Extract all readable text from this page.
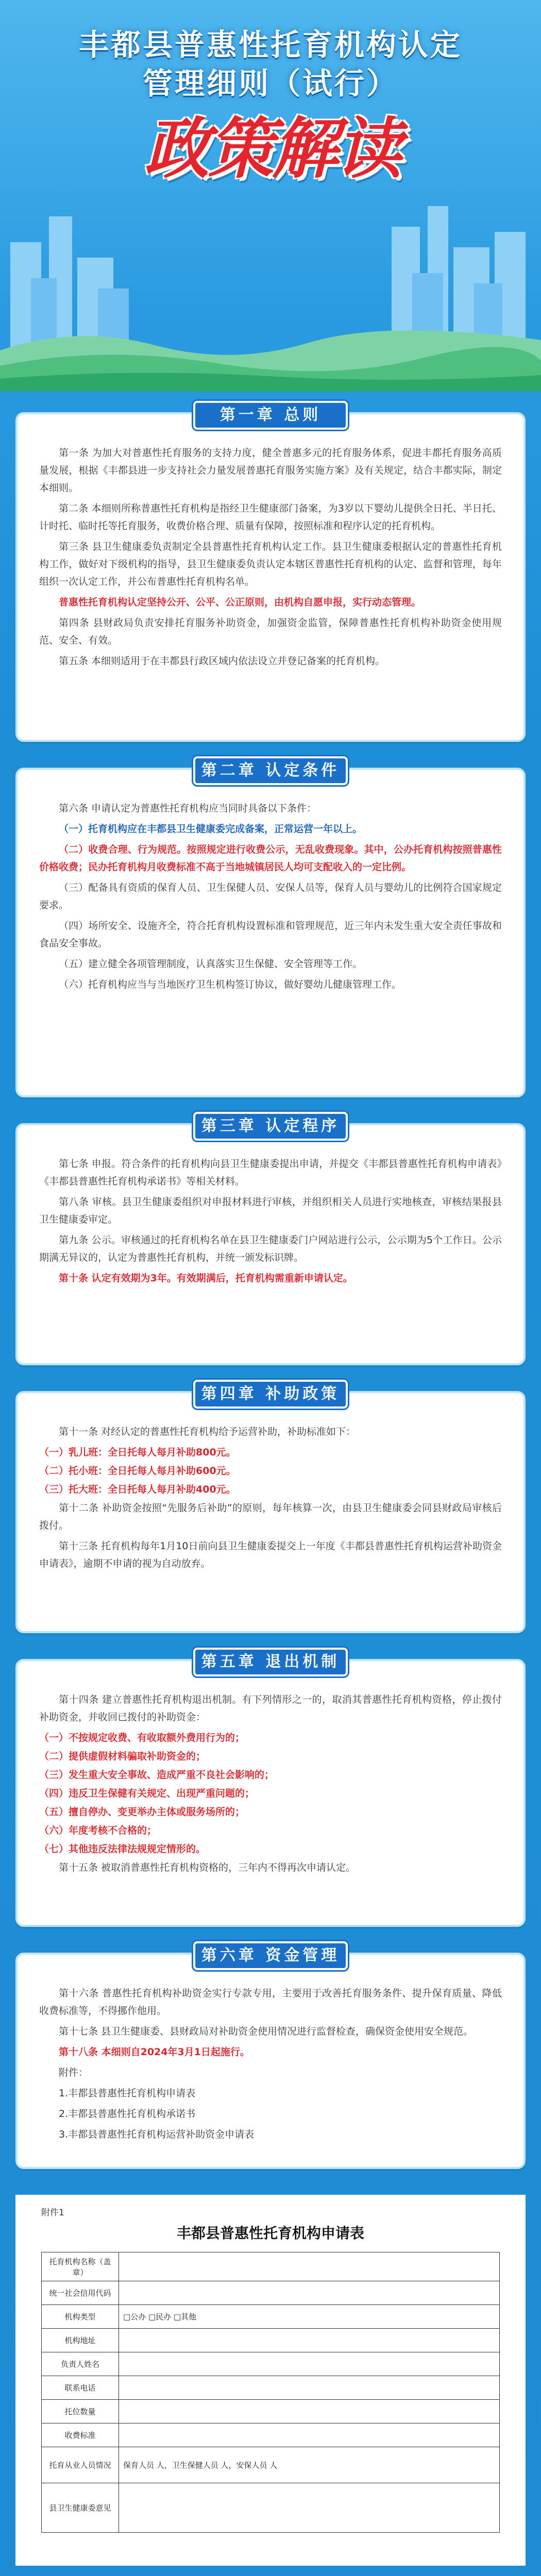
丰都县普惠性托育机构认定
管理细则（试行）
政
策
解
读
第一章 总则

第一条 为加大对普惠性托育服务的支持力度，健全普惠多元的托育服务体系，促进丰都托育服务高质量发展，根据《丰都县进一步支持社会力量发展普惠托育服务实施方案》及有关规定，结合丰都实际，制定本细则。

第二条 本细则所称普惠性托育机构是指经卫生健康部门备案，为3岁以下婴幼儿提供全日托、半日托、计时托、临时托等托育服务，收费价格合理、质量有保障，按照标准和程序认定的托育机构。

第三条 县卫生健康委负责制定全县普惠性托育机构认定工作。县卫生健康委根据认定的普惠性托育机构工作，做好对下级机构的指导，县卫生健康委负责认定本辖区普惠性托育机构的认定、监督和管理，每年组织一次认定工作，并公布普惠性托育机构名单。

普惠性托育机构认定坚持公开、公平、公正原则，由机构自愿申报，实行动态管理。

第四条 县财政局负责安排托育服务补助资金，加强资金监管，保障普惠性托育机构补助资金使用规范、安全、有效。

第五条 本细则适用于在丰都县行政区域内依法设立并登记备案的托育机构。

第二章 认定条件

第六条 申请认定为普惠性托育机构应当同时具备以下条件：

（一）托育机构应在丰都县卫生健康委完成备案，正常运营一年以上。

（二）收费合理、行为规范。按照规定进行收费公示，无乱收费现象。其中，公办托育机构按照普惠性价格收费；民办托育机构月收费标准不高于当地城镇居民人均可支配收入的一定比例。

（三）配备具有资质的保育人员、卫生保健人员、安保人员等，保育人员与婴幼儿的比例符合国家规定要求。

（四）场所安全、设施齐全，符合托育机构设置标准和管理规范，近三年内未发生重大安全责任事故和食品安全事故。

（五）建立健全各项管理制度，认真落实卫生保健、安全管理等工作。

（六）托育机构应当与当地医疗卫生机构签订协议，做好婴幼儿健康管理工作。

第三章 认定程序

第七条 申报。符合条件的托育机构向县卫生健康委提出申请，并提交《丰都县普惠性托育机构申请表》《丰都县普惠性托育机构承诺书》等相关材料。

第八条 审核。县卫生健康委组织对申报材料进行审核，并组织相关人员进行实地核查，审核结果报县卫生健康委审定。

第九条 公示。审核通过的托育机构名单在县卫生健康委门户网站进行公示，公示期为5个工作日。公示期满无异议的，认定为普惠性托育机构，并统一颁发标识牌。

第十条 认定有效期为3年。有效期满后，托育机构需重新申请认定。

第四章 补助政策

第十一条 对经认定的普惠性托育机构给予运营补助，补助标准如下：

（一）乳儿班：全日托每人每月补助800元。

（二）托小班：全日托每人每月补助600元。

（三）托大班：全日托每人每月补助400元。

第十二条 补助资金按照“先服务后补助”的原则，每年核算一次，由县卫生健康委会同县财政局审核后拨付。

第十三条 托育机构每年1月10日前向县卫生健康委提交上一年度《丰都县普惠性托育机构运营补助资金申请表》，逾期不申请的视为自动放弃。

第五章 退出机制

第十四条 建立普惠性托育机构退出机制。有下列情形之一的，取消其普惠性托育机构资格，停止拨付补助资金，并收回已拨付的补助资金：

（一）不按规定收费、有收取额外费用行为的；

（二）提供虚假材料骗取补助资金的；

（三）发生重大安全事故、造成严重不良社会影响的；

（四）违反卫生保健有关规定、出现严重问题的；

（五）擅自停办、变更举办主体或服务场所的；

（六）年度考核不合格的；

（七）其他违反法律法规规定情形的。

第十五条 被取消普惠性托育机构资格的，三年内不得再次申请认定。

第六章 资金管理

第十六条 普惠性托育机构补助资金实行专款专用，主要用于改善托育服务条件、提升保育质量、降低收费标准等，不得挪作他用。

第十七条 县卫生健康委、县财政局对补助资金使用情况进行监督检查，确保资金使用安全规范。

第十八条 本细则自2024年3月1日起施行。

附件：

1.丰都县普惠性托育机构申请表

2.丰都县普惠性托育机构承诺书

3.丰都县普惠性托育机构运营补助资金申请表

附件1
丰都县普惠性托育机构申请表
托育机构名称（盖章）	
统一社会信用代码	
机构类型	□公办 □民办 □其他
机构地址	
负责人姓名	
联系电话	
托位数量	
收费标准	
托育从业人员情况	保育人员 人，卫生保健人员 人，安保人员 人
县卫生健康委意见	
